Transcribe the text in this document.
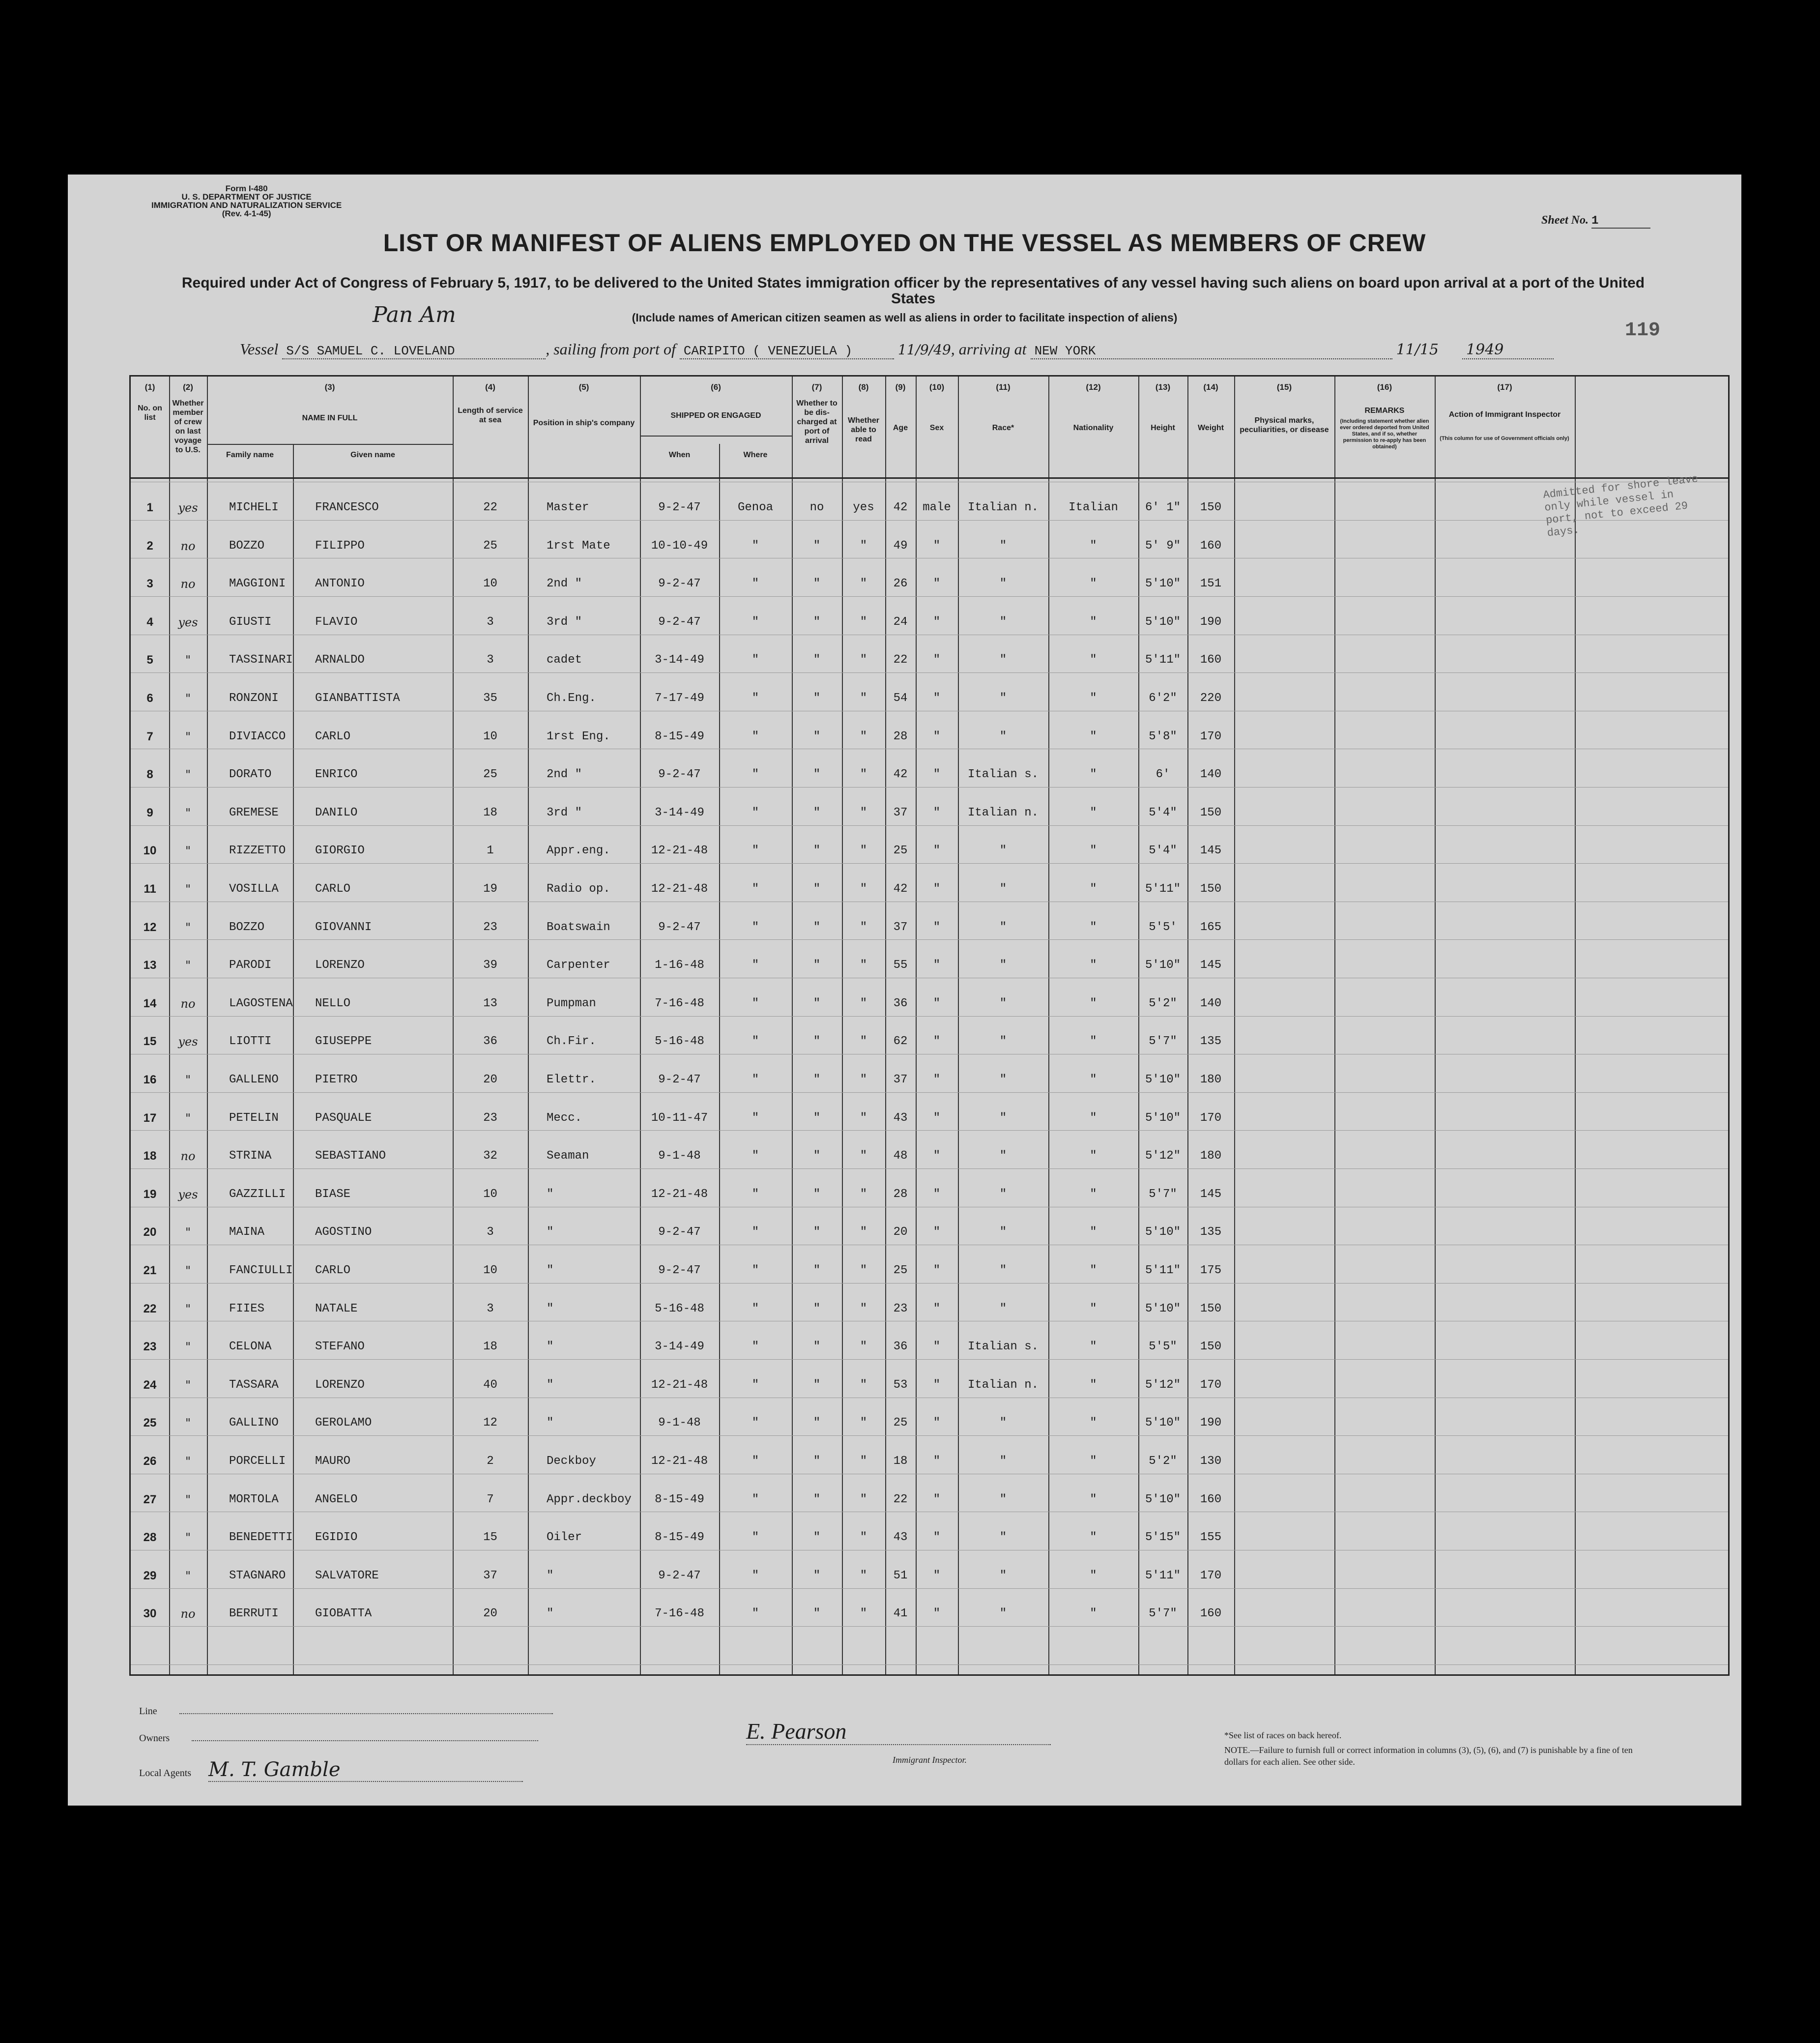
Form I-480
U. S. DEPARTMENT OF JUSTICE
IMMIGRATION AND NATURALIZATION SERVICE
(Rev. 4-1-45)
Sheet No. 1
LIST OR MANIFEST OF ALIENS EMPLOYED ON THE VESSEL AS MEMBERS OF CREW
Required under Act of Congress of February 5, 1917, to be delivered to the United States immigration officer by the representatives of any vessel having such aliens on board upon arrival at a port of the United States
(Include names of American citizen seamen as well as aliens in order to facilitate inspection of aliens)
119
Pan Am
Vessel S/S SAMUEL C. LOVELAND	, sailing from port of CARIPITO ( VENEZUELA )	11/9/49, arriving at NEW YORK	11/15 1949
(1)	(2)	(3)	(4)	(5)	(6)	(7)	(8)	(9)	(10)	(11)	(12)	(13)	(14)	(15)	(16)	(17)
No. on list
Whether member of crew on last voyage to U.S.
NAME IN FULL
Family name	Given name
Length of service at sea	Position in ship's company
SHIPPED OR ENGAGED
When	Where
Whether to be dis-charged at port of arrival
Whether able to read
Age	Sex	Race*	Nationality	Height	Weight
Physical marks, peculiarities, or disease
REMARKS
(Including statement whether alien ever ordered deported from United States, and if so, whether permission to re-apply has been obtained)
Action of Immigrant Inspector
(This column for use of Government officials only)
1	yes	MICHELI	FRANCESCO	22	Master	9-2-47	Genoa	no	yes	42	male	Italian n.	Italian	6' 1"	150
2	no	BOZZO	FILIPPO	25	1rst Mate	10-10-49	"	"	"	49	"	"	"	5' 9"	160
3	no	MAGGIONI ANTONIO	10	2nd "	9-2-47	"	"	"	26	"	"	"	5'10"	151
4	yes	GIUSTI	FLAVIO	3	3rd "	9-2-47	"	"	"	24	"	"	"	5'10"	190
5	"	TASSINARI ARNALDO	3	cadet	3-14-49	"	"	"	22	"	"	"	5'11"	160
6	"	RONZONI	GIANBATTISTA	35	Ch.Eng.	7-17-49	"	"	"	54	"	"	"	6'2"	220
7	"	DIVIACCO CARLO	10	1rst Eng.	8-15-49	"	"	"	28	"	"	"	5'8"	170
8	"	DORATO	ENRICO	25	2nd "	9-2-47	"	"	"	42	"	Italian s.	"	6'	140
9	"	GREMESE	DANILO	18	3rd "	3-14-49	"	"	"	37	"	Italian n.	"	5'4"	150
10	"	RIZZETTO GIORGIO	1	Appr.eng.	12-21-48	"	"	"	25	"	"	"	5'4"	145
11	"	VOSILLA	CARLO	19	Radio op.	12-21-48	"	"	"	42	"	"	"	5'11"	150
12	"	BOZZO	GIOVANNI	23	Boatswain	9-2-47	"	"	"	37	"	"	"	5'5'	165
13	"	PARODI	LORENZO	39	Carpenter	1-16-48	"	"	"	55	"	"	"	5'10"	145
14	no	LAGOSTENA NELLO	13	Pumpman	7-16-48	"	"	"	36	"	"	"	5'2"	140
15	yes	LIOTTI	GIUSEPPE	36	Ch.Fir.	5-16-48	"	"	"	62	"	"	"	5'7"	135
16	"	GALLENO	PIETRO	20	Elettr.	9-2-47	"	"	"	37	"	"	"	5'10"	180
17	"	PETELIN	PASQUALE	23	Mecc.	10-11-47	"	"	"	43	"	"	"	5'10"	170
18	no	STRINA	SEBASTIANO	32	Seaman	9-1-48	"	"	"	48	"	"	"	5'12"	180
19	yes	GAZZILLI BIASE	10	"	12-21-48	"	"	"	28	"	"	"	5'7"	145
20	"	MAINA	AGOSTINO	3	"	9-2-47	"	"	"	20	"	"	"	5'10"	135
21	"	FANCIULLI CARLO	10	"	9-2-47	"	"	"	25	"	"	"	5'11"	175
22	"	FIIES	NATALE	3	"	5-16-48	"	"	"	23	"	"	"	5'10"	150
23	"	CELONA	STEFANO	18	"	3-14-49	"	"	"	36	"	Italian s.	"	5'5"	150
24	"	TASSARA	LORENZO	40	"	12-21-48	"	"	"	53	"	Italian n.	"	5'12"	170
25	"	GALLINO	GEROLAMO	12	"	9-1-48	"	"	"	25	"	"	"	5'10"	190
26	"	PORCELLI MAURO	2	Deckboy	12-21-48	"	"	"	18	"	"	"	5'2"	130
27	"	MORTOLA	ANGELO	7	Appr.deckboy	8-15-49	"	"	"	22	"	"	"	5'10"	160
28	"	BENEDETTI EGIDIO	15	Oiler	8-15-49	"	"	"	43	"	"	"	5'15"	155
29	"	STAGNARO SALVATORE	37	"	9-2-47	"	"	"	51	"	"	"	5'11"	170
30	no	BERRUTI	GIOBATTA	20	"	7-16-48	"	"	"	41	"	"	"	5'7"	160
Admitted for shore leave only while vessel in port, not to exceed 29 days.
Line
Owners
Local Agents M. T. Gamble
E. Pearson
Immigrant Inspector.
*See list of races on back hereof.
NOTE.—Failure to furnish full or correct information in columns (3), (5), (6), and (7) is punishable by a fine of ten dollars for each alien. See other side.
